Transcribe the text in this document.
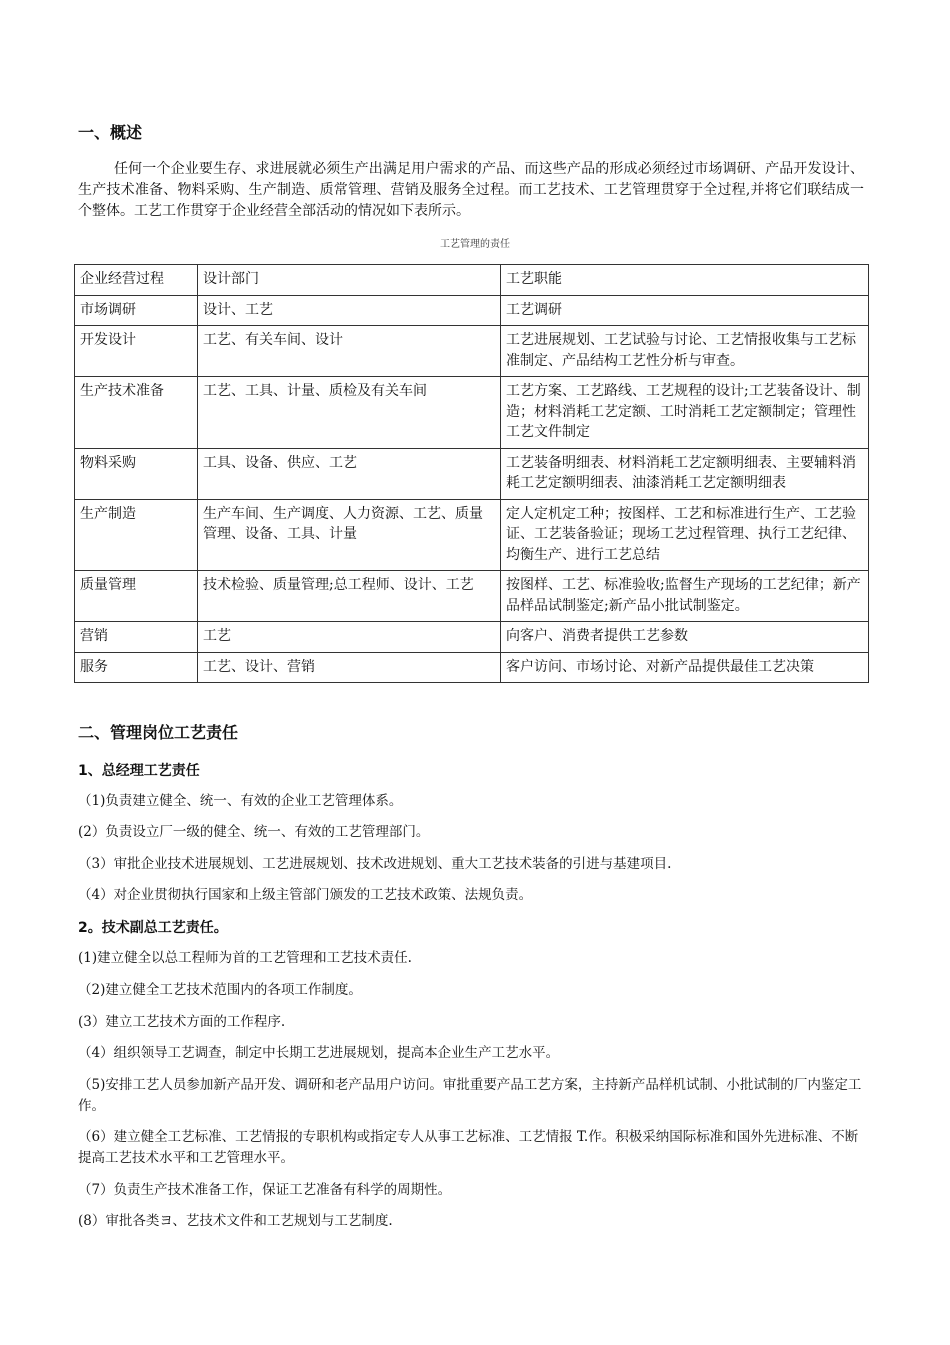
一、概述
任何一个企业要生存、求进展就必须生产出满足用户需求的产品、而这些产品的形成必须经过市场调研、产品开发设计、生产技术准备、物料采购、生产制造、质常管理、营销及服务全过程。而工艺技术、工艺管理贯穿于全过程,并将它们联结成一个整体。工艺工作贯穿于企业经营全部活动的情况如下表所示。
工艺管理的责任
企业经营过程	设计部门	工艺职能
市场调研	设计、工艺	工艺调研
开发设计	工艺、有关车间、设计	工艺进展规划、工艺试验与讨论、工艺情报收集与工艺标准制定、产品结构工艺性分析与审查。
生产技术准备	工艺、工具、计量、质检及有关车间	工艺方案、工艺路线、工艺规程的设计;工艺装备设计、制造；材料消耗工艺定额、工时消耗工艺定额制定；管理性工艺文件制定
物料采购	工具、设备、供应、工艺	工艺装备明细表、材料消耗工艺定额明细表、主要辅料消耗工艺定额明细表、油漆消耗工艺定额明细表
生产制造	生产车间、生产调度、人力资源、工艺、质量管理、设备、工具、计量	定人定机定工种；按图样、工艺和标准进行生产、工艺验证、工艺装备验证；现场工艺过程管理、执行工艺纪律、均衡生产、进行工艺总结
质量管理	技术检验、质量管理;总工程师、设计、工艺	按图样、工艺、标准验收;监督生产现场的工艺纪律；新产品样品试制鉴定;新产品小批试制鉴定。
营销	工艺	向客户、消费者提供工艺参数
服务	工艺、设计、营销	客户访问、市场讨论、对新产品提供最佳工艺决策
二、管理岗位工艺责任
1、总经理工艺责任
（1)负责建立健全、统一、有效的企业工艺管理体系。
(2）负责设立厂一级的健全、统一、有效的工艺管理部门。
（3）审批企业技术进展规划、工艺进展规划、技术改进规划、重大工艺技术装备的引进与基建项目.
（4）对企业贯彻执行国家和上级主管部门颁发的工艺技术政策、法规负责。
2。技术副总工艺责任。
(1)建立健全以总工程师为首的工艺管理和工艺技术责任.
（2)建立健全工艺技术范围内的各项工作制度。
(3）建立工艺技术方面的工作程序.
（4）组织领导工艺调查，制定中长期工艺进展规划，提高本企业生产工艺水平。
（5)安排工艺人员参加新产品开发、调研和老产品用户访问。审批重要产品工艺方案，主持新产品样机试制、小批试制的厂内鉴定工作。
（6）建立健全工艺标准、工艺情报的专职机构或指定专人从事工艺标准、工艺情报 T.作。积极采纳国际标准和国外先进标准、不断提高工艺技术水平和工艺管理水平。
（7）负责生产技术准备工作，保证工艺准备有科学的周期性。
(8）审批各类ヨ、艺技术文件和工艺规划与工艺制度.
